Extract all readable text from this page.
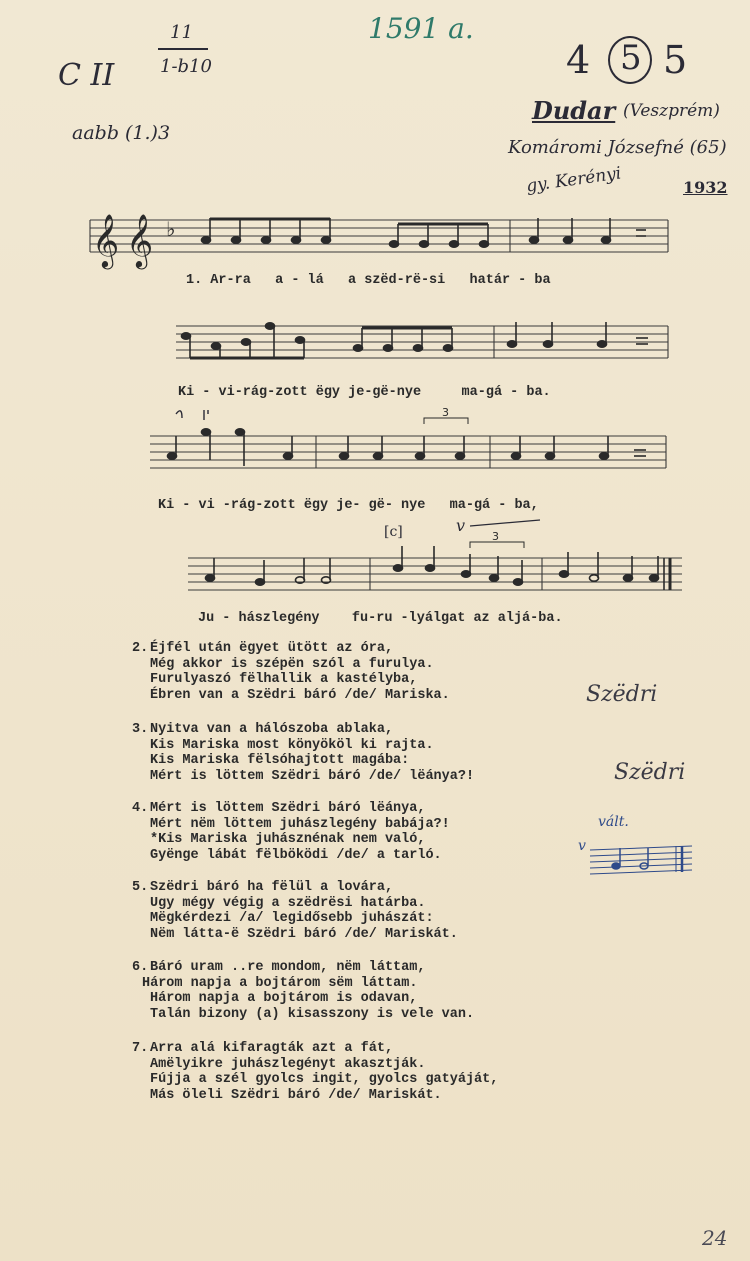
C II
11
1-b10
aabb (1.)3
1591 a.
4 5 5
Dudar (Veszprém)
Komáromi Józsefné (65)
gy. Kerényi	1932
𝄞 𝄞 ♭
1. Ar-ra   a - lá   a szëd-rë-si   határ - ba
Ki - vi-rág-zott ëgy je-gë-nye     ma-gá - ba.
3
Ki - vi -rág-zott ëgy je- gë- nye   ma-gá - ba,
3
[c]	v
Ju - hászlegény    fu-ru -lyálgat az aljá-ba.
2. Éjfél után ëgyet ütött az óra,
Még akkor is szépën szól a furulya.
Furulyaszó fëlhallik a kastélyba,
Ébren van a Szëdri báró /de/ Mariska.
3. Nyitva van a hálószoba ablaka,
Kis Mariska most könyököl ki rajta.
Kis Mariska fëlsóhajtott magába:
Mért is löttem Szëdri báró /de/ lëánya?!
4. Mért is löttem Szëdri báró lëánya,
Mért nëm löttem juhászlegény babája?!
*Kis Mariska juhásznénak nem való,
Gyënge lábát fëlböködi /de/ a tarló.
5. Szëdri báró ha fëlül a lovára,
Ugy mégy végig a szëdrësi határba.
Mëgkérdezi /a/ legidősebb juhászát:
Nëm látta-ë Szëdri báró /de/ Mariskát.
6. Báró uram ..re mondom, nëm láttam,
Három napja a bojtárom sëm láttam.
Három napja a bojtárom is odavan,
Talán bizony (a) kisasszony is vele van.
7. Arra alá kifaragták azt a fát,
Amëlyikre juhászlegényt akasztják.
Fújja a szél gyolcs ingit, gyolcs gatyáját,
Más öleli Szëdri báró /de/ Mariskát.
Szëdri
Szëdri
vált.
v
24
